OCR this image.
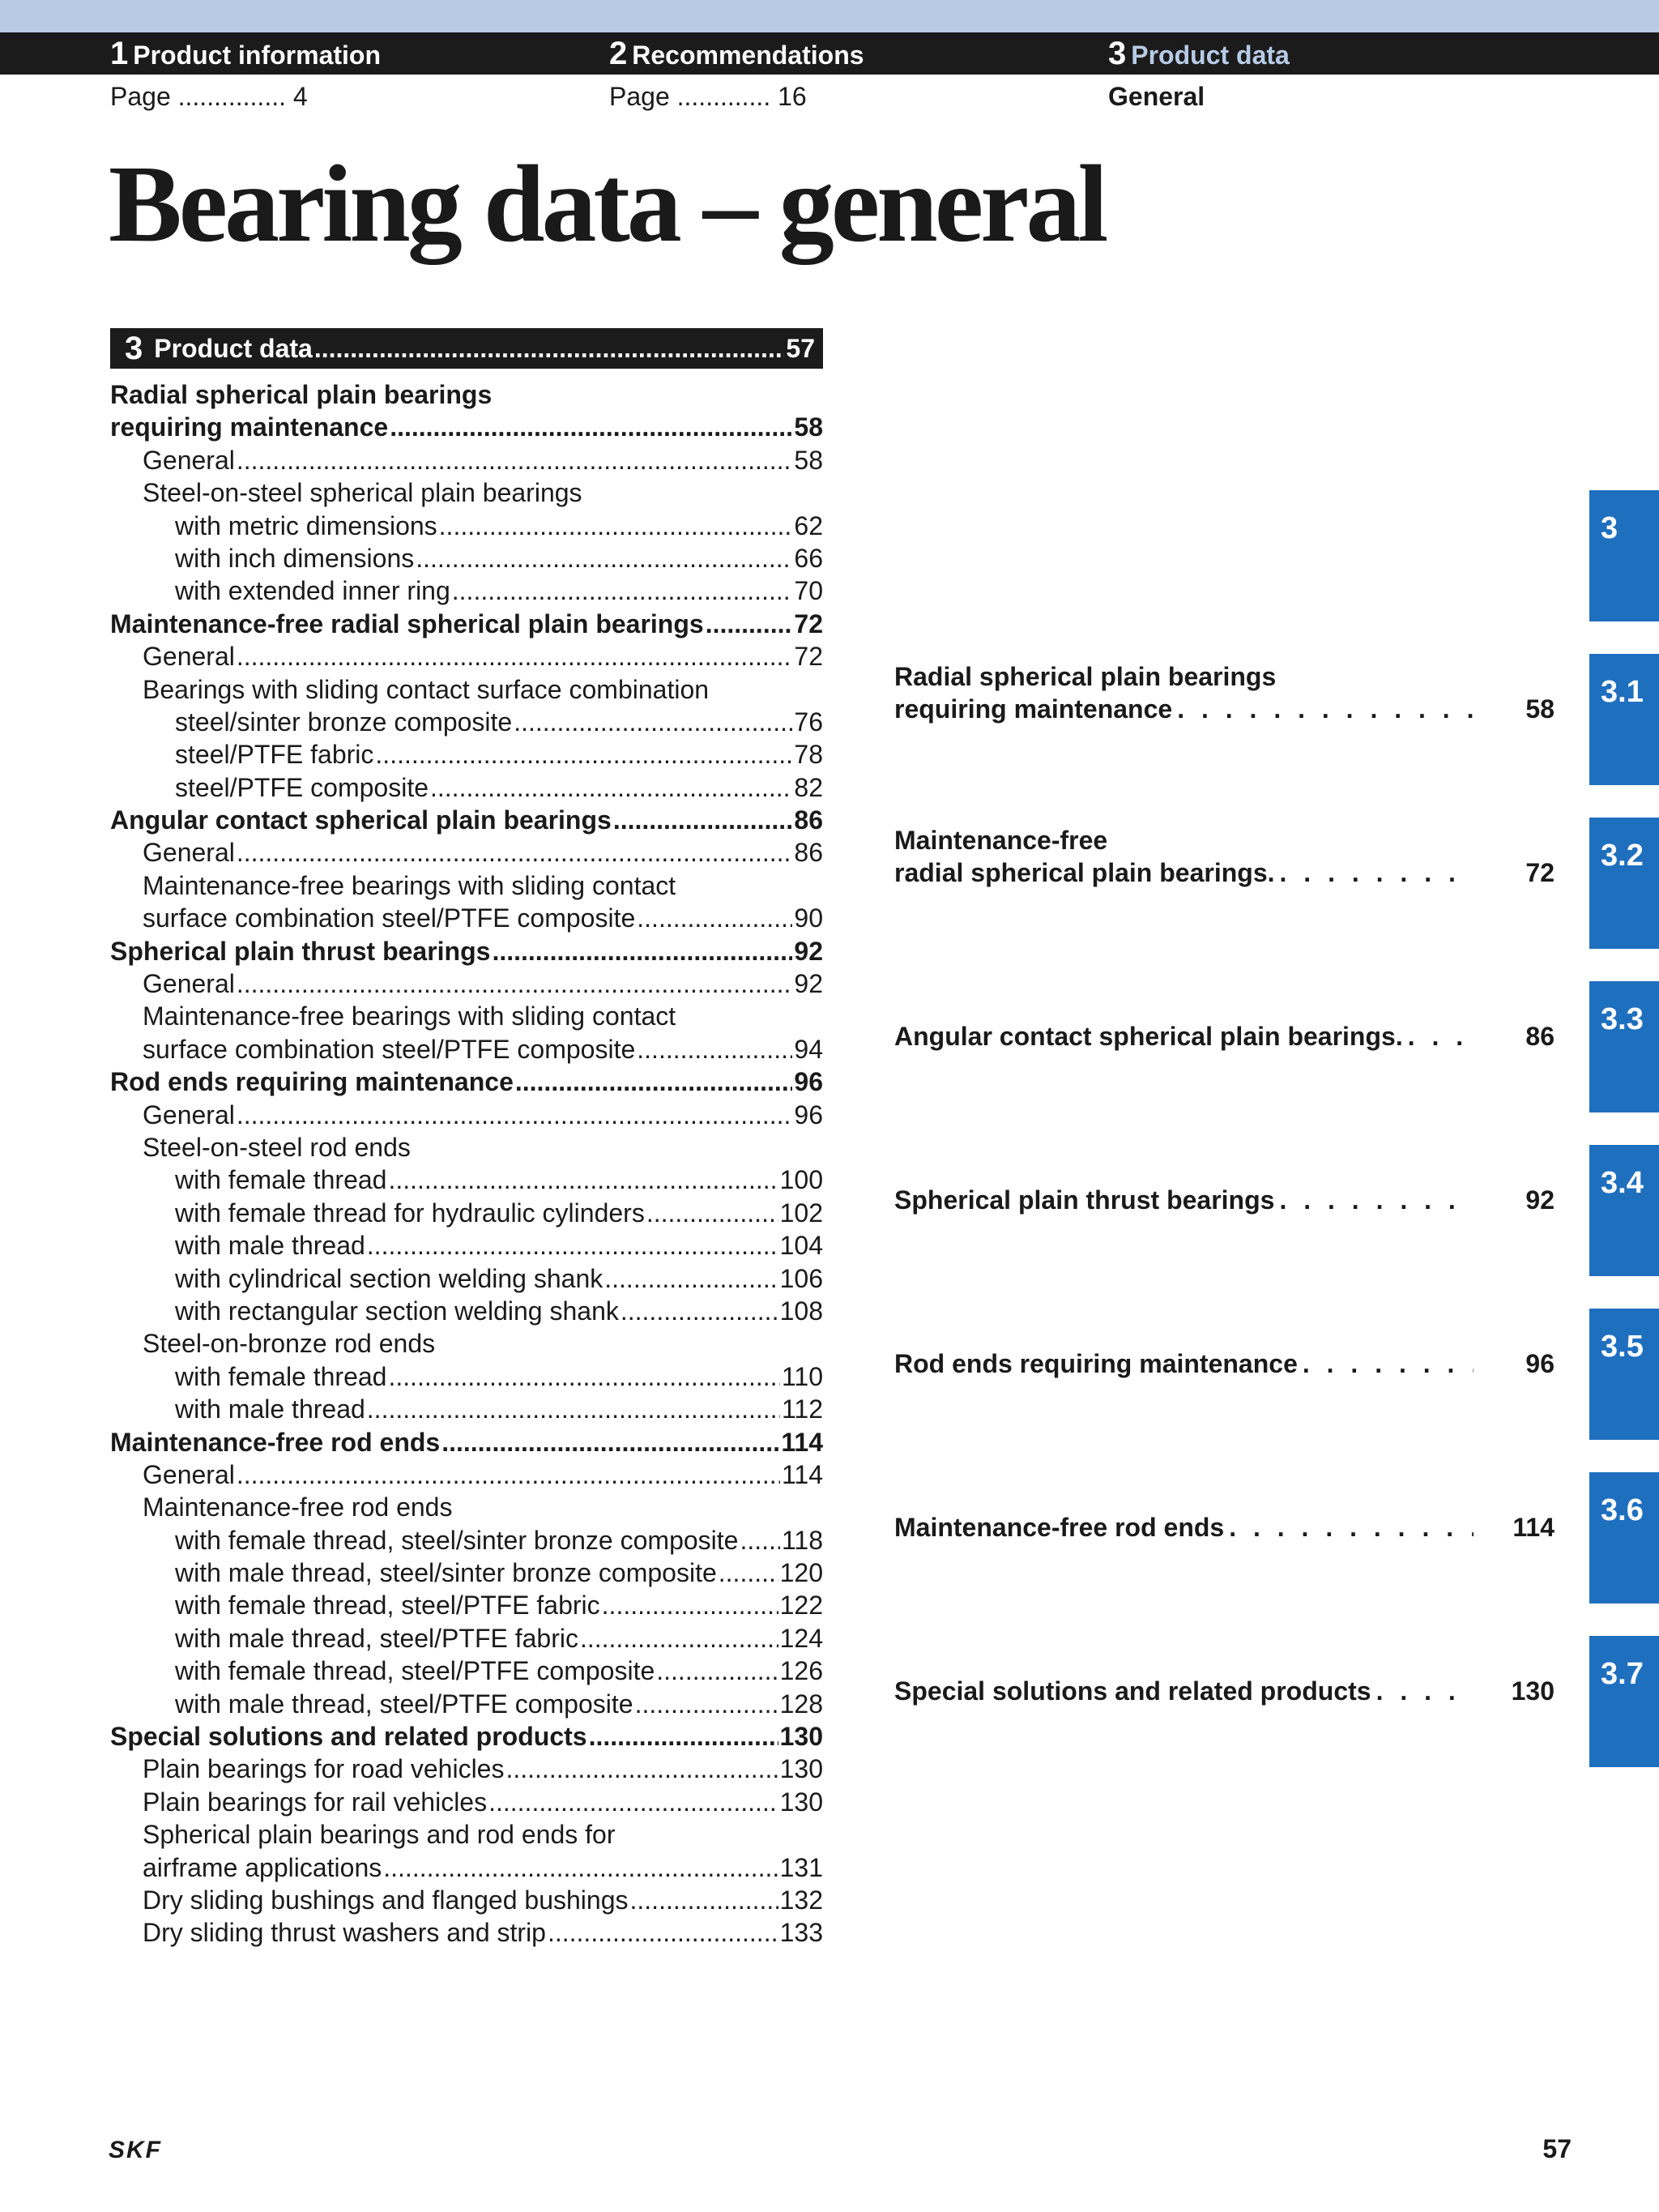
1 Product information	2 Recommendations	3 Product data
Page ............... 4	Page ............. 16	General
Bearing data – general
3 Product data .....	57
Radial spherical plain bearings
requiring maintenance .....	58
General .....	58
Steel-on-steel spherical plain bearings
with metric dimensions .....	62
with inch dimensions .....	66
with extended inner ring .....	70
Maintenance-free radial spherical plain bearings .....	72
General .....	72
Bearings with sliding contact surface combination
steel/sinter bronze composite .....	76
steel/PTFE fabric .....	78
steel/PTFE composite .....	82
Angular contact spherical plain bearings .....	86
General .....	86
Maintenance-free bearings with sliding contact
surface combination steel/PTFE composite .....	90
Spherical plain thrust bearings .....	92
General .....	92
Maintenance-free bearings with sliding contact
surface combination steel/PTFE composite .....	94
Rod ends requiring maintenance .....	96
General .....	96
Steel-on-steel rod ends
with female thread .....	100
with female thread for hydraulic cylinders .....	102
with male thread .....	104
with cylindrical section welding shank .....	106
with rectangular section welding shank .....	108
Steel-on-bronze rod ends
with female thread .....	110
with male thread .....	112
Maintenance-free rod ends .....	114
General .....	114
Maintenance-free rod ends
with female thread, steel/sinter bronze composite ..... 118
with male thread, steel/sinter bronze composite ..... 120
with female thread, steel/PTFE fabric .....	122
with male thread, steel/PTFE fabric .....	124
with female thread, steel/PTFE composite .....	126
with male thread, steel/PTFE composite .....	128
Special solutions and related products .....	130
Plain bearings for road vehicles .....	130
Plain bearings for rail vehicles .....	130
Spherical plain bearings and rod ends for
airframe applications .....	131
Dry sliding bushings and flanged bushings .....	132
Dry sliding thrust washers and strip .....	133
Radial spherical plain bearings
requiring maintenance . . .	58
Maintenance-free
radial spherical plain bearings. . . .	72
Angular contact spherical plain bearings. . . .	86
Spherical plain thrust bearings . . .	92
Rod ends requiring maintenance . . .	96
Maintenance-free rod ends . . .	114
Special solutions and related products . . .	130
3
3.1
3.2
3.3
3.4
3.5
3.6
3.7
SKF	57
